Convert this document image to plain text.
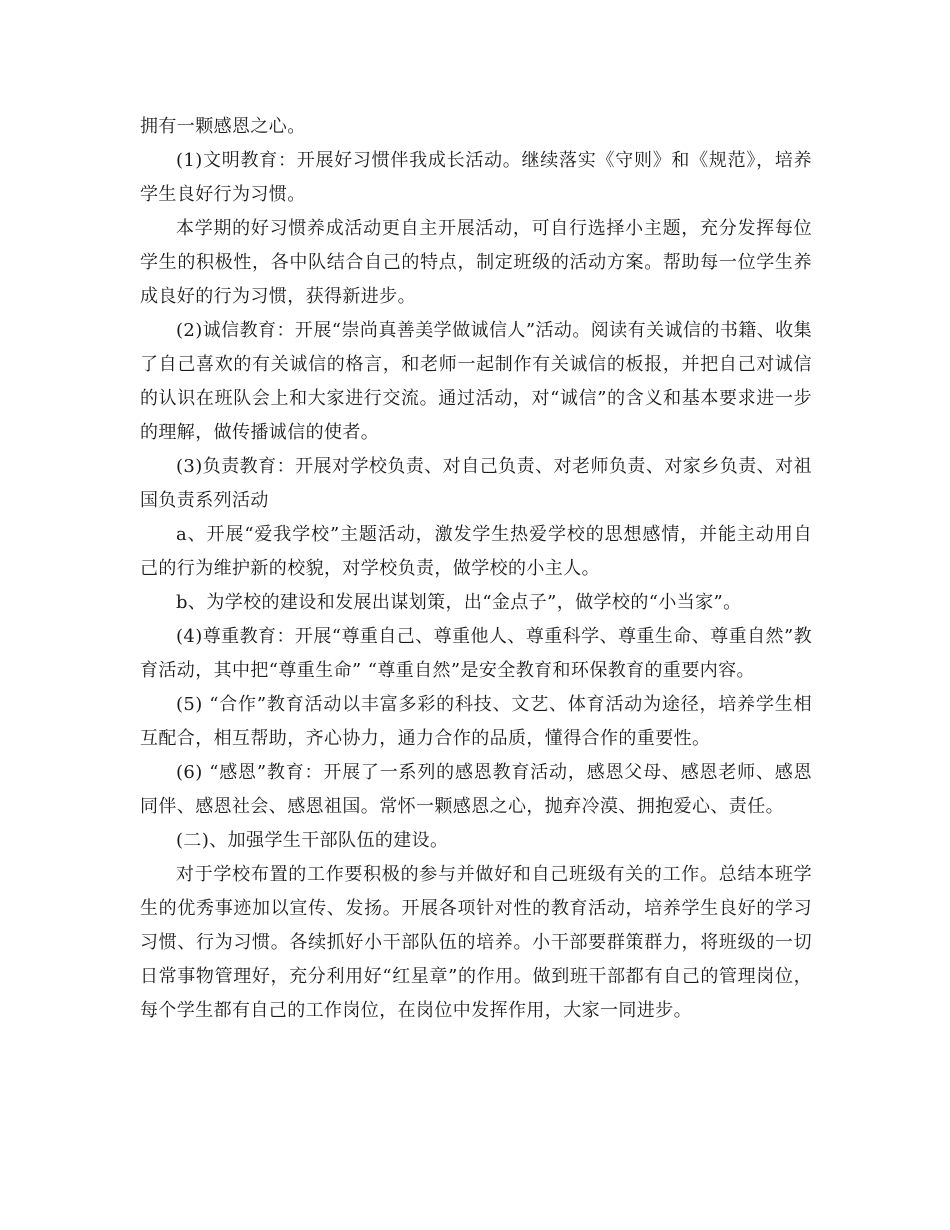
拥有一颗感恩之心。

(1)文明教育：开展好习惯伴我成长活动。继续落实《守则》和《规范》，培养学生良好行为习惯。

本学期的好习惯养成活动更自主开展活动，可自行选择小主题，充分发挥每位学生的积极性，各中队结合自己的特点，制定班级的活动方案。帮助每一位学生养成良好的行为习惯，获得新进步。

(2)诚信教育：开展“崇尚真善美学做诚信人”活动。阅读有关诚信的书籍、收集了自己喜欢的有关诚信的格言，和老师一起制作有关诚信的板报，并把自己对诚信的认识在班队会上和大家进行交流。通过活动，对“诚信”的含义和基本要求进一步的理解，做传播诚信的使者。

(3)负责教育：开展对学校负责、对自己负责、对老师负责、对家乡负责、对祖国负责系列活动

a、开展“爱我学校”主题活动，激发学生热爱学校的思想感情，并能主动用自己的行为维护新的校貌，对学校负责，做学校的小主人。

b、为学校的建设和发展出谋划策，出“金点子”，做学校的“小当家”。

(4)尊重教育：开展“尊重自己、尊重他人、尊重科学、尊重生命、尊重自然”教育活动，其中把“尊重生命” “尊重自然”是安全教育和环保教育的重要内容。

(5) “合作”教育活动以丰富多彩的科技、文艺、体育活动为途径，培养学生相互配合，相互帮助，齐心协力，通力合作的品质，懂得合作的重要性。

(6) “感恩”教育：开展了一系列的感恩教育活动，感恩父母、感恩老师、感恩同伴、感恩社会、感恩祖国。常怀一颗感恩之心，抛弃冷漠、拥抱爱心、责任。

(二)、加强学生干部队伍的建设。

对于学校布置的工作要积极的参与并做好和自己班级有关的工作。总结本班学生的优秀事迹加以宣传、发扬。开展各项针对性的教育活动，培养学生良好的学习习惯、行为习惯。各续抓好小干部队伍的培养。小干部要群策群力，将班级的一切日常事物管理好，充分利用好“红星章”的作用。做到班干部都有自己的管理岗位，每个学生都有自己的工作岗位，在岗位中发挥作用，大家一同进步。
